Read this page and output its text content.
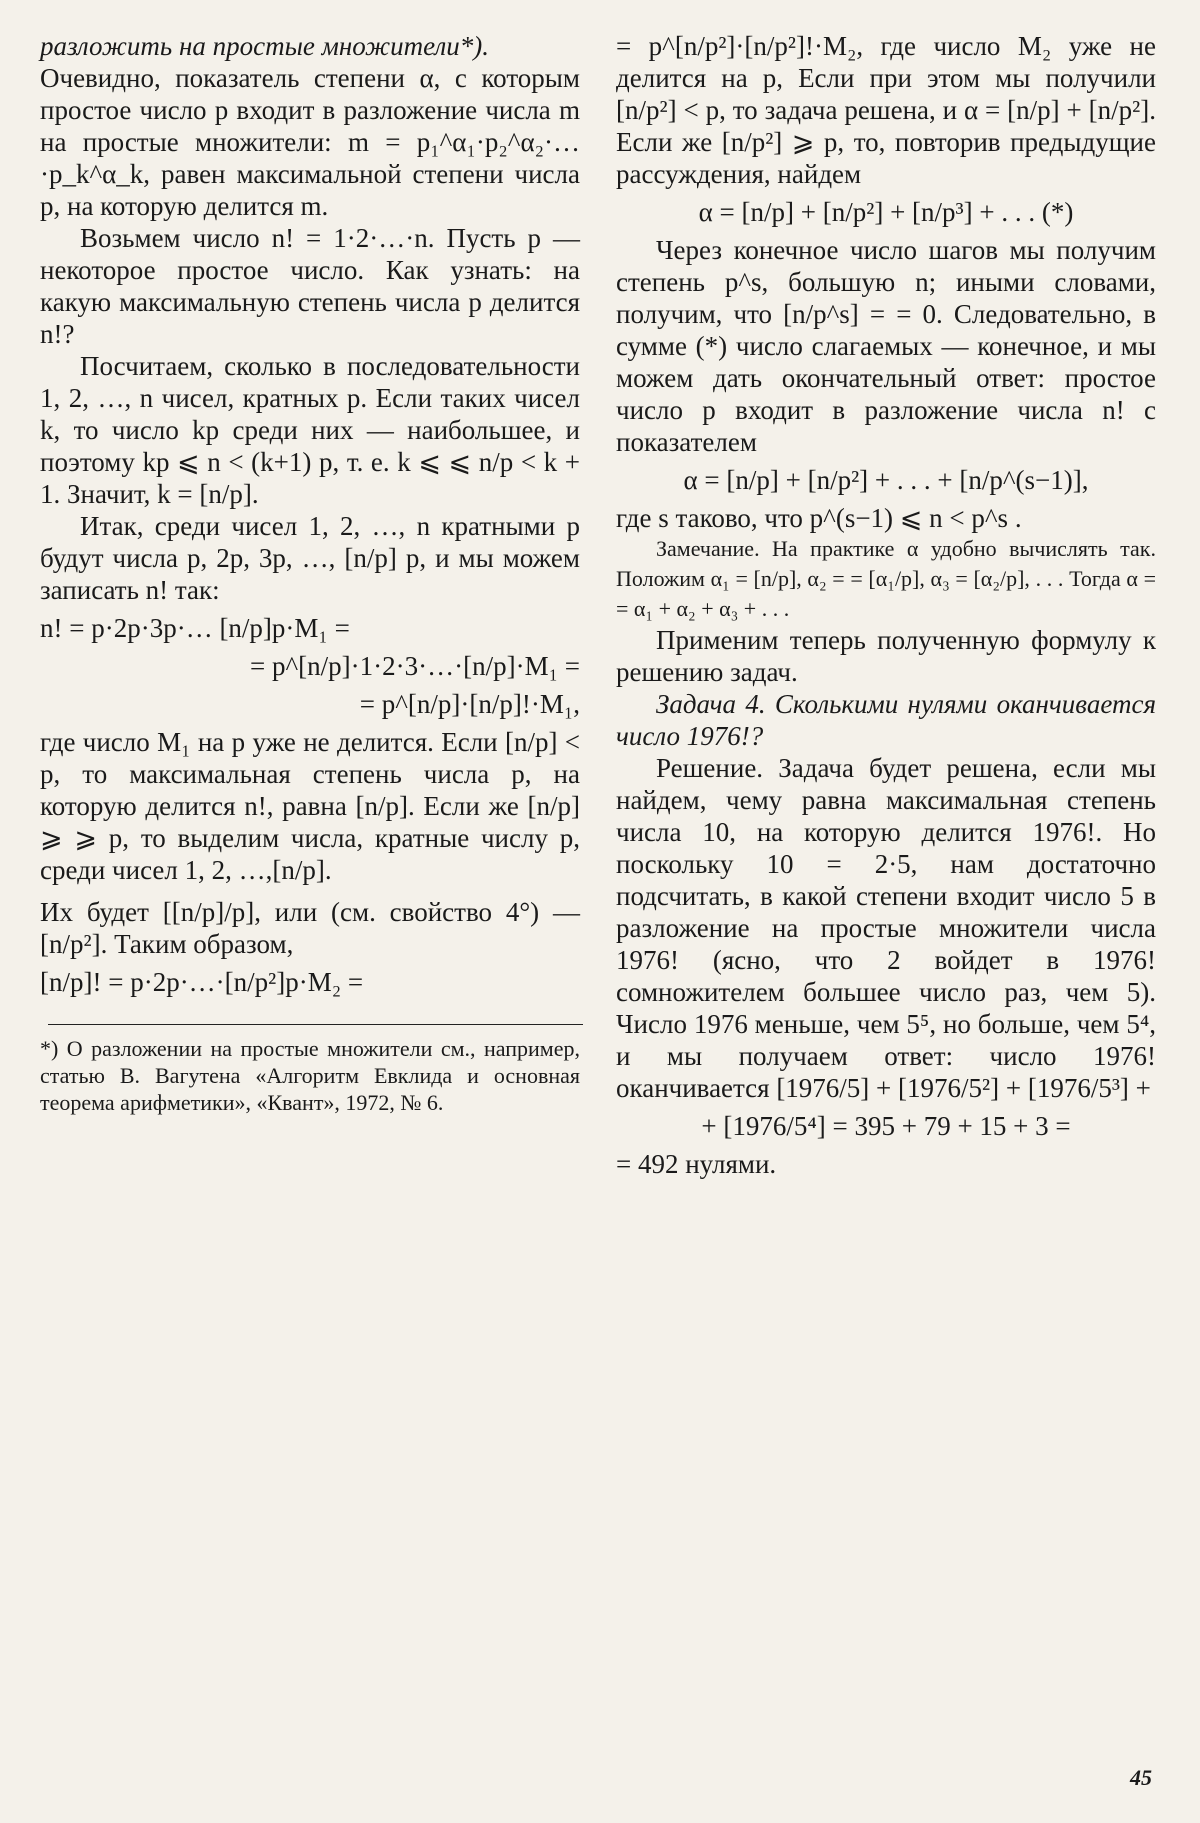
разложить на простые множители*).

Очевидно, показатель степени α, с которым простое число p входит в разложение числа m на простые множители: m = p₁^α₁·p₂^α₂·…·p_k^α_k, равен максимальной степени числа p, на которую делится m.

Возьмем число n! = 1·2·…·n. Пусть p — некоторое простое число. Как узнать: на какую максимальную степень числа p делится n!?

Посчитаем, сколько в последовательности 1, 2, …, n чисел, кратных p. Если таких чисел k, то число kp среди них — наибольшее, и поэтому kp ⩽ n < (k+1) p, т. е. k ⩽ ⩽ n/p < k + 1. Значит, k = [n/p].

Итак, среди чисел 1, 2, …, n кратными p будут числа p, 2p, 3p, …, [n/p] p, и мы можем записать n! так:

n! = p·2p·3p·… [n/p]p·M₁ =

= p^[n/p]·1·2·3·…·[n/p]·M₁ =

= p^[n/p]·[n/p]!·M₁,

где число M₁ на p уже не делится. Если [n/p] < p, то максимальная степень числа p, на которую делится n!, равна [n/p]. Если же [n/p] ⩾ ⩾ p, то выделим числа, кратные числу p, среди чисел 1, 2, …,[n/p].

Их будет [[n/p]/p], или (см. свойство 4°) — [n/p²]. Таким образом,

[n/p]! = p·2p·…·[n/p²]p·M₂ =

*) О разложении на простые множители см., например, статью В. Вагутена «Алгоритм Евклида и основная теорема арифметики», «Квант», 1972, № 6.

= p^[n/p²]·[n/p²]!·M₂, где число M₂ уже не делится на p, Если при этом мы получили [n/p²] < p, то задача решена, и α = [n/p] + [n/p²]. Если же [n/p²] ⩾ p, то, повторив предыдущие рассуждения, найдем

α = [n/p] + [n/p²] + [n/p³] + . . . (*)

Через конечное число шагов мы получим степень p^s, большую n; иными словами, получим, что [n/p^s] = = 0. Следовательно, в сумме (*) число слагаемых — конечное, и мы можем дать окончательный ответ: простое число p входит в разложение числа n! с показателем

α = [n/p] + [n/p²] + . . . + [n/p^(s−1)],

где s таково, что p^(s−1) ⩽ n < p^s .

Замечание. На практике α удобно вычислять так. Положим α₁ = [n/p], α₂ = = [α₁/p], α₃ = [α₂/p], . . . Тогда α = = α₁ + α₂ + α₃ + . . .

Применим теперь полученную формулу к решению задач.

Задача 4. Сколькими нулями оканчивается число 1976!?

Решение. Задача будет решена, если мы найдем, чему равна максимальная степень числа 10, на которую делится 1976!. Но поскольку 10 = 2·5, нам достаточно подсчитать, в какой степени входит число 5 в разложение на простые множители числа 1976! (ясно, что 2 войдет в 1976! сомножителем большее число раз, чем 5). Число 1976 меньше, чем 5⁵, но больше, чем 5⁴, и мы получаем ответ: число 1976! оканчивается [1976/5] + [1976/5²] + [1976/5³] +

+ [1976/5⁴] = 395 + 79 + 15 + 3 =

= 492 нулями.

45
